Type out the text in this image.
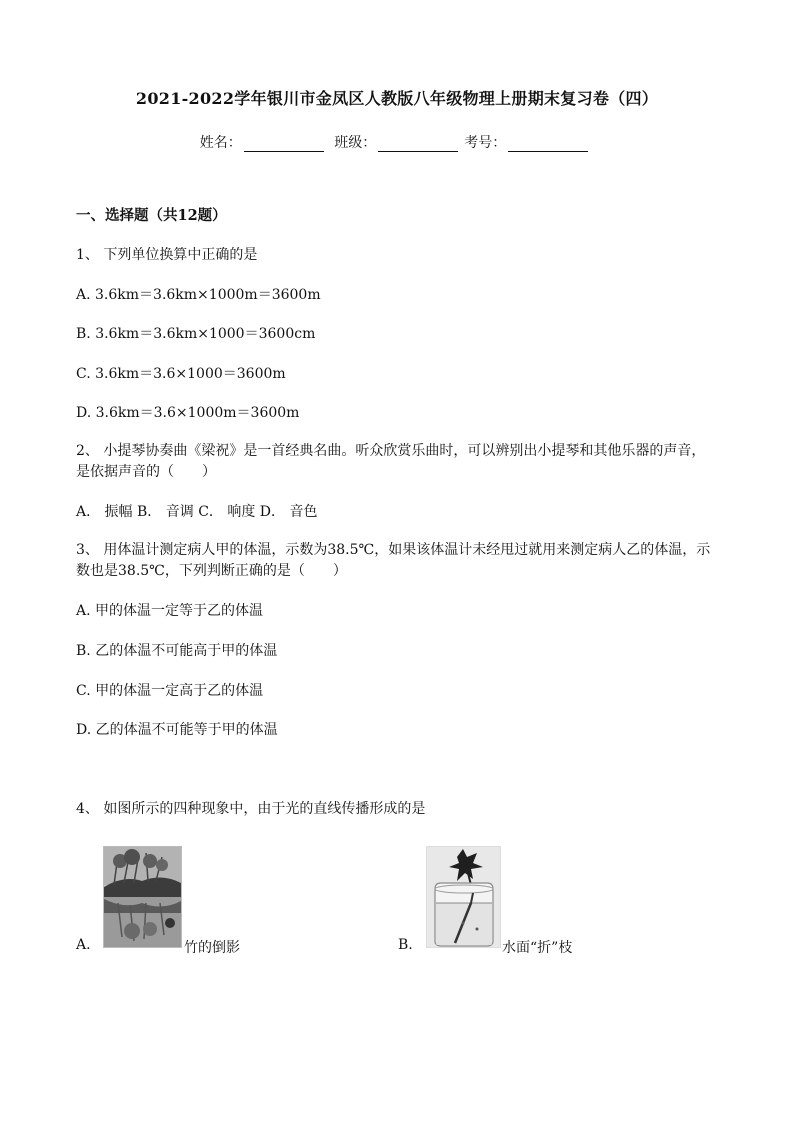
2021-2022学年银川市金凤区人教版八年级物理上册期末复习卷（四）
姓名：	班级：	考号：
一、选择题（共12题）
1、 下列单位换算中正确的是
A. 3.6km＝3.6km×1000m＝3600m
B. 3.6km＝3.6km×1000＝3600cm
C. 3.6km＝3.6×1000＝3600m
D. 3.6km＝3.6×1000m＝3600m
2、 小提琴协奏曲《梁祝》是一首经典名曲。听众欣赏乐曲时，可以辨别出小提琴和其他乐器的声音，是依据声音的（　　）
A． 振幅 B． 音调 C． 响度 D． 音色
3、 用体温计测定病人甲的体温，示数为38.5℃，如果该体温计未经甩过就用来测定病人乙的体温，示数也是38.5℃，下列判断正确的是（　　）
A. 甲的体温一定等于乙的体温
B. 乙的体温不可能高于甲的体温
C. 甲的体温一定高于乙的体温
D. 乙的体温不可能等于甲的体温
4、 如图所示的四种现象中，由于光的直线传播形成的是
A.	竹的倒影	B.	水面“折”枝
